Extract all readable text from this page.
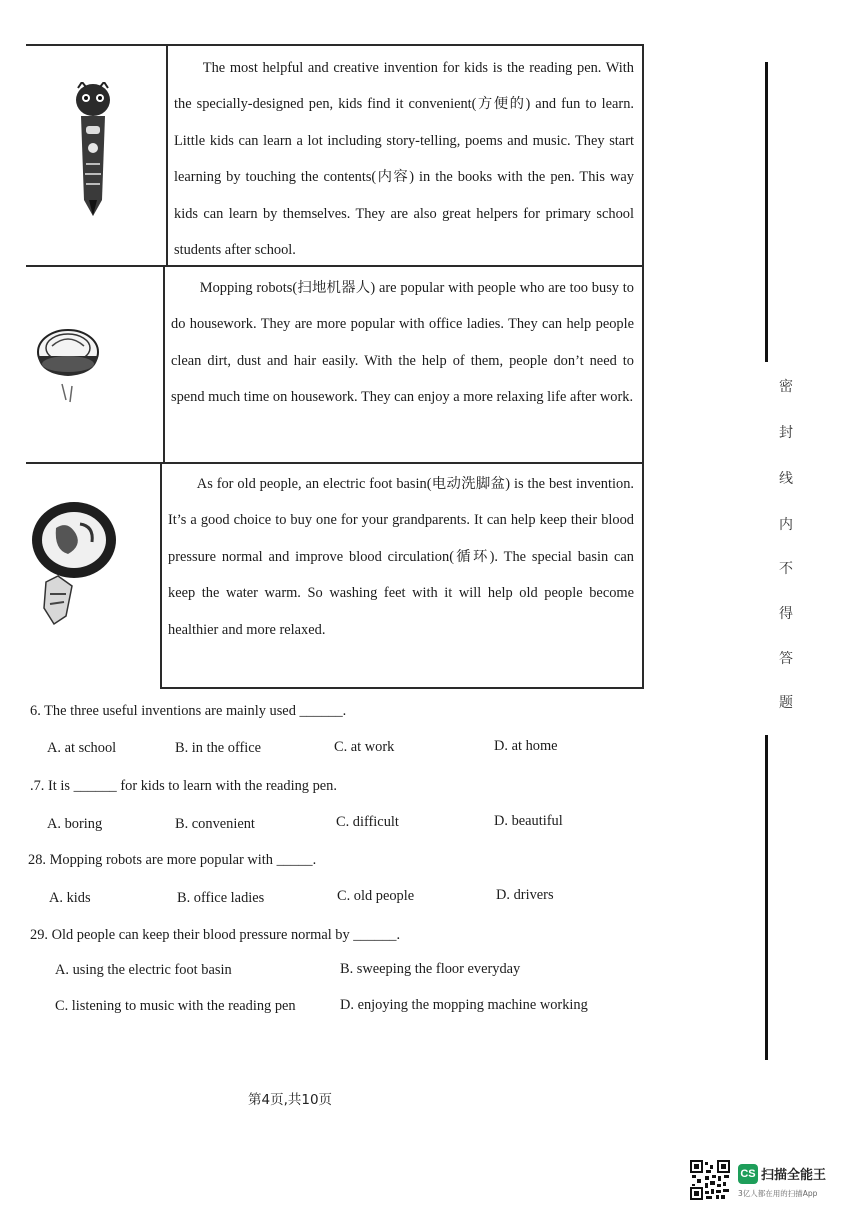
The most helpful and creative invention for kids is the reading pen. With the specially-designed pen, kids find it convenient(方便的) and fun to learn. Little kids can learn a lot including story-telling, poems and music. They start learning by touching the contents(内容) in the books with the pen. This way kids can learn by themselves. They are also great helpers for primary school students after school.
Mopping robots(扫地机器人) are popular with people who are too busy to do housework. They are more popular with office ladies. They can help people clean dirt, dust and hair easily. With the help of them, people don’t need to spend much time on housework. They can enjoy a more relaxing life after work.
As for old people, an electric foot basin(电动洗脚盆) is the best invention. It’s a good choice to buy one for your grandparents. It can help keep their blood pressure normal and improve blood circulation(循环). The special basin can keep the water warm. So washing feet with it will help old people become healthier and more relaxed.
6. The three useful inventions are mainly used ______.
A. at school	B. in the office	C. at work	D. at home
.7. It is ______ for kids to learn with the reading pen.
A. boring	B. convenient	C. difficult	D. beautiful
28. Mopping robots are more popular with _____.
A. kids	B. office ladies	C. old people	D. drivers
29. Old people can keep their blood pressure normal by ______.
A. using the electric foot basin	B. sweeping the floor everyday
C. listening to music with the reading pen	D. enjoying the mopping machine working
第4页,共10页
密
封
线
内
不
得
答
题
CS 扫描全能王
3亿人都在用的扫描App
